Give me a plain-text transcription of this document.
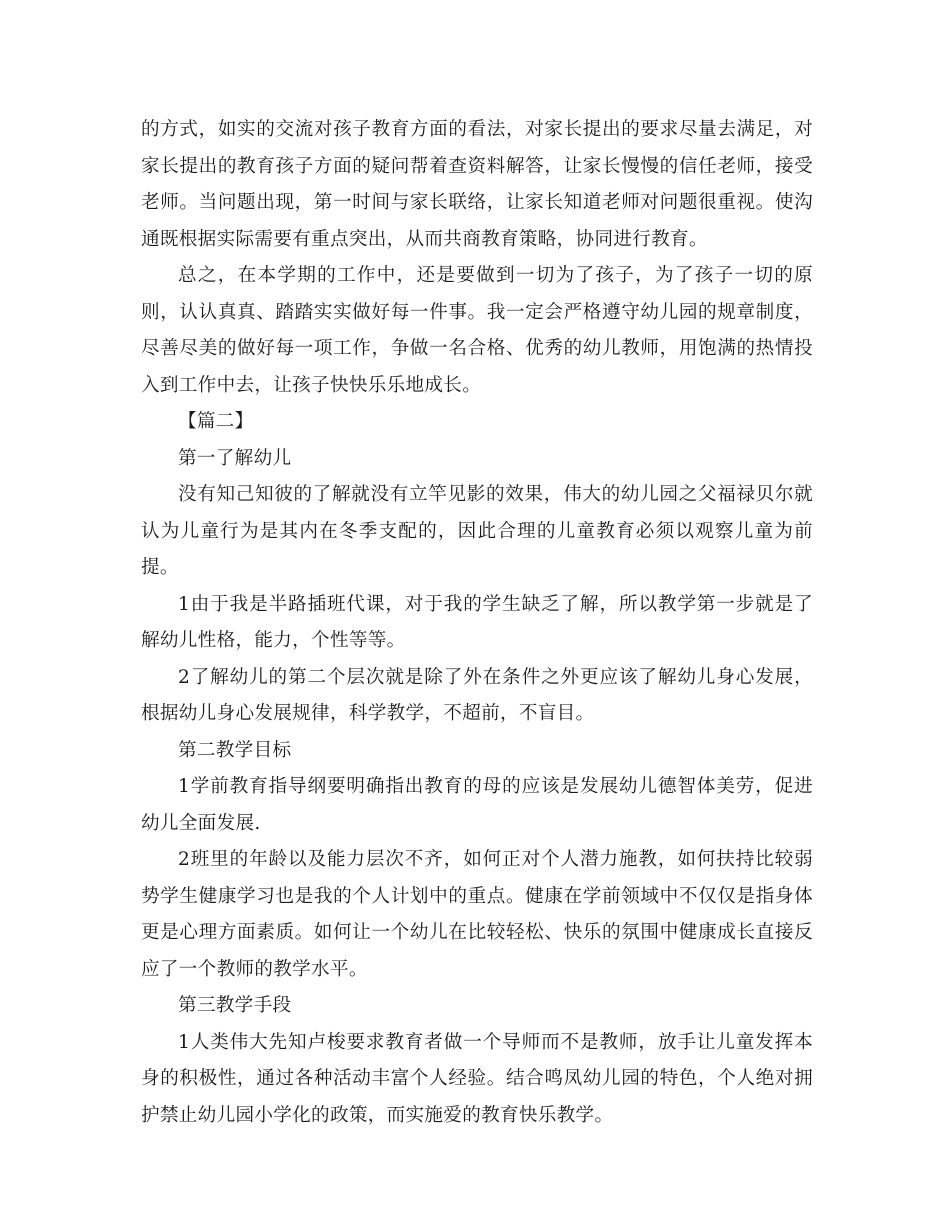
的方式，如实的交流对孩子教育方面的看法，对家长提出的要求尽量去满足，对家长提出的教育孩子方面的疑问帮着查资料解答，让家长慢慢的信任老师，接受老师。当问题出现，第一时间与家长联络，让家长知道老师对问题很重视。使沟通既根据实际需要有重点突出，从而共商教育策略，协同进行教育。

总之，在本学期的工作中，还是要做到一切为了孩子，为了孩子一切的原则，认认真真、踏踏实实做好每一件事。我一定会严格遵守幼儿园的规章制度，尽善尽美的做好每一项工作，争做一名合格、优秀的幼儿教师，用饱满的热情投入到工作中去，让孩子快快乐乐地成长。

【篇二】

第一了解幼儿

没有知己知彼的了解就没有立竿见影的效果，伟大的幼儿园之父福禄贝尔就认为儿童行为是其内在冬季支配的，因此合理的儿童教育必须以观察儿童为前提。

1由于我是半路插班代课，对于我的学生缺乏了解，所以教学第一步就是了解幼儿性格，能力，个性等等。

2了解幼儿的第二个层次就是除了外在条件之外更应该了解幼儿身心发展，根据幼儿身心发展规律，科学教学，不超前，不盲目。

第二教学目标

1学前教育指导纲要明确指出教育的母的应该是发展幼儿德智体美劳，促进幼儿全面发展.

2班里的年龄以及能力层次不齐，如何正对个人潜力施教，如何扶持比较弱势学生健康学习也是我的个人计划中的重点。健康在学前领域中不仅仅是指身体更是心理方面素质。如何让一个幼儿在比较轻松、快乐的氛围中健康成长直接反应了一个教师的教学水平。

第三教学手段

1人类伟大先知卢梭要求教育者做一个导师而不是教师，放手让儿童发挥本身的积极性，通过各种活动丰富个人经验。结合鸣凤幼儿园的特色，个人绝对拥护禁止幼儿园小学化的政策，而实施爱的教育快乐教学。
